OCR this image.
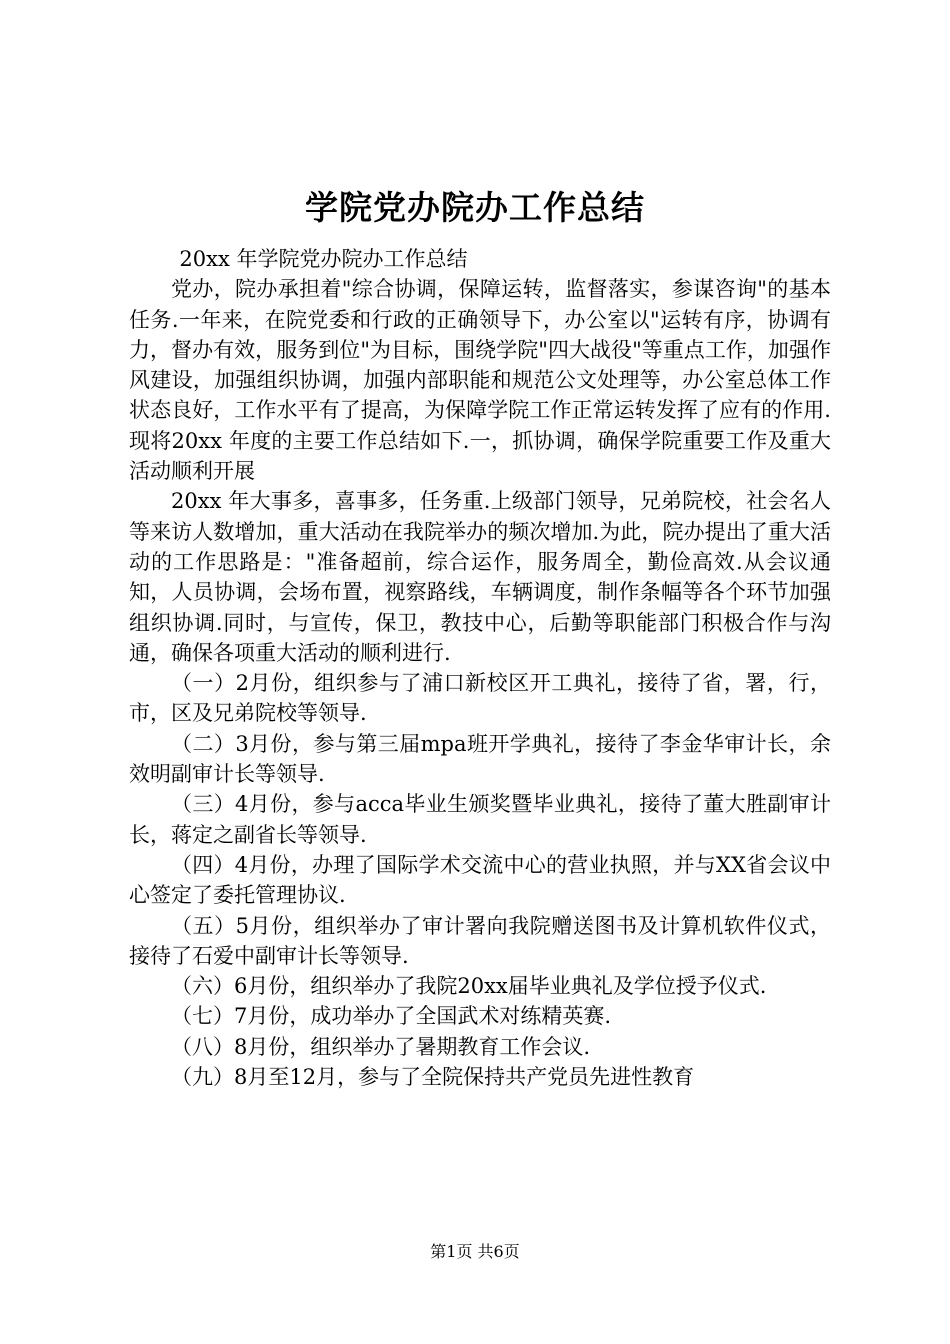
学院党办院办工作总结

20xx 年学院党办院办工作总结

党办，院办承担着"综合协调，保障运转，监督落实，参谋咨询"的基本任务.一年来，在院党委和行政的正确领导下，办公室以"运转有序，协调有力，督办有效，服务到位"为目标，围绕学院"四大战役"等重点工作，加强作风建设，加强组织协调，加强内部职能和规范公文处理等，办公室总体工作状态良好，工作水平有了提高，为保障学院工作正常运转发挥了应有的作用.现将20xx 年度的主要工作总结如下.一，抓协调，确保学院重要工作及重大活动顺利开展

20xx 年大事多，喜事多，任务重.上级部门领导，兄弟院校，社会名人等来访人数增加，重大活动在我院举办的频次增加.为此，院办提出了重大活动的工作思路是："准备超前，综合运作，服务周全，勤俭高效.从会议通知，人员协调，会场布置，视察路线，车辆调度，制作条幅等各个环节加强组织协调.同时，与宣传，保卫，教技中心，后勤等职能部门积极合作与沟通，确保各项重大活动的顺利进行.

（一）2月份，组织参与了浦口新校区开工典礼，接待了省，署，行，市，区及兄弟院校等领导.

（二）3月份，参与第三届mpa班开学典礼，接待了李金华审计长，余效明副审计长等领导.

（三）4月份，参与acca毕业生颁奖暨毕业典礼，接待了董大胜副审计长，蒋定之副省长等领导.

（四）4月份，办理了国际学术交流中心的营业执照，并与XX省会议中心签定了委托管理协议.

（五）5月份，组织举办了审计署向我院赠送图书及计算机软件仪式，接待了石爱中副审计长等领导.

（六）6月份，组织举办了我院20xx届毕业典礼及学位授予仪式.

（七）7月份，成功举办了全国武术对练精英赛.

（八）8月份，组织举办了暑期教育工作会议.

（九）8月至12月，参与了全院保持共产党员先进性教育

第1页 共6页
